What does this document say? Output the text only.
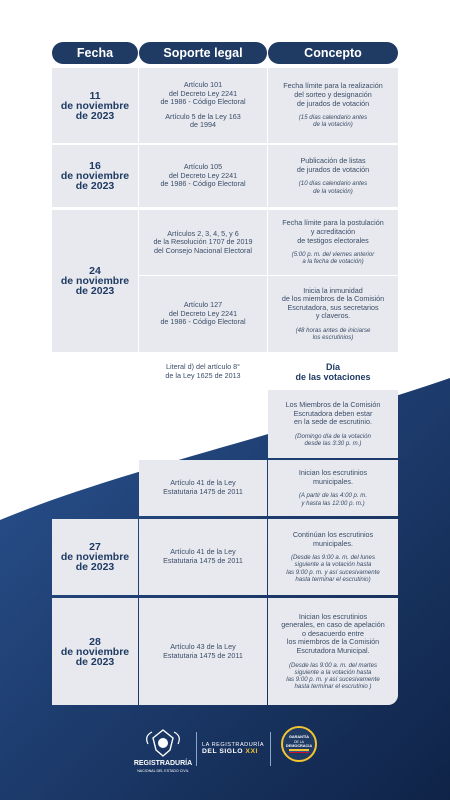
Fecha	Soporte legal	Concepto
11
de noviembre
de 2023
Artículo 101
del Decreto Ley 2241
de 1986 - Código Electoral
Artículo 5 de la Ley 163
de 1994
Fecha límite para la realización
del sorteo y designación
de jurados de votación
(15 días calendario antes
de la votación)
16
de noviembre
de 2023
Artículo 105
del Decreto Ley 2241
de 1986 - Código Electoral
Publicación de listas
de jurados de votación
(10 días calendario antes
de la votación)
24
de noviembre
de 2023
Artículos 2, 3, 4, 5, y 6
de la Resolución 1707 de 2019
del Consejo Nacional Electoral
Fecha límite para la postulación
y acreditación
de testigos electorales
(5:00 p. m. del viernes anterior
a la fecha de votación)
Artículo 127
del Decreto Ley 2241
de 1986 - Código Electoral
Inicia la inmunidad
de los miembros de la Comisión
Escrutadora, sus secretarios
y claveros.
(48 horas antes de iniciarse
los escrutinios)
26
de noviembre
de 2023
Literal d) del artículo 8°
de la Ley 1625 de 2013
Día
de las votaciones
Artículo 42 de la Ley
Estatutaria 1475 de 2011
Los Miembros de la Comisión
Escrutadora deben estar
en la sede de escrutinio.
(Domingo día de la votación
desde las 3:30 p. m.)
Artículo 41 de la Ley
Estatutaria 1475 de 2011
Inician los escrutinios
municipales.
(A partir de las 4:00 p. m.
y hasta las 12:00 p. m.)
27
de noviembre
de 2023
Artículo 41 de la Ley
Estatutaria 1475 de 2011
Continúan los escrutinios
municipales.
(Desde las 9:00 a. m. del lunes
siguiente a la votación hasta
las 9:00 p. m. y así sucesivamente
hasta terminar el escrutinio)
28
de noviembre
de 2023
Artículo 43 de la Ley
Estatutaria 1475 de 2011
Inician los escrutinios
generales, en caso de apelación
o desacuerdo entre
los miembros de la Comisión
Escrutadora Municipal.
(Desde las 9:00 a. m. del martes
siguiente a la votación hasta
las 9:00 p. m. y así sucesivamente
hasta terminar el escrutinio )
REGISTRADURÍA
NACIONAL DEL ESTADO CIVIL
LA REGISTRADURÍA
DEL SIGLO XXI
GARANTÍA
DE LA
DEMOCRACIA
